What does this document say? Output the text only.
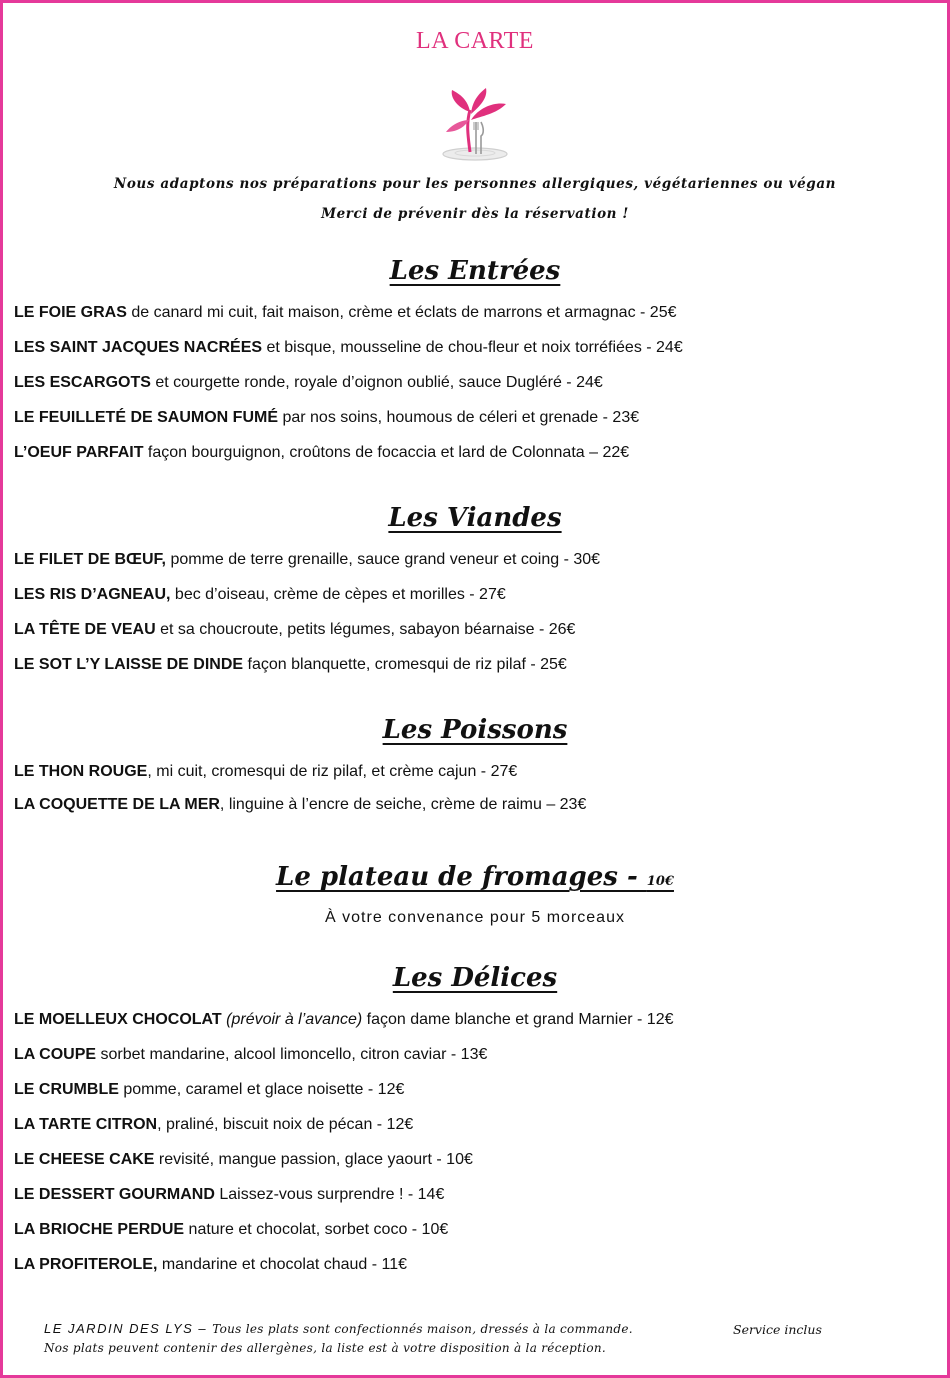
LA CARTE
Nous adaptons nos préparations pour les personnes allergiques, végétariennes ou végan
Merci de prévenir dès la réservation !
Les Entrées
LE FOIE GRAS de canard mi cuit, fait maison, crème et éclats de marrons et armagnac - 25€
LES SAINT JACQUES NACRÉES et bisque, mousseline de chou-fleur et noix torréfiées - 24€
LES ESCARGOTS et courgette ronde, royale d’oignon oublié, sauce Dugléré - 24€
LE FEUILLETÉ DE SAUMON FUMÉ par nos soins, houmous de céleri et grenade - 23€
L’OEUF PARFAIT façon bourguignon, croûtons de focaccia et lard de Colonnata – 22€
Les Viandes
LE FILET DE BŒUF, pomme de terre grenaille, sauce grand veneur et coing - 30€
LES RIS D’AGNEAU, bec d’oiseau, crème de cèpes et morilles - 27€
LA TÊTE DE VEAU et sa choucroute, petits légumes, sabayon béarnaise - 26€
LE SOT L’Y LAISSE DE DINDE façon blanquette, cromesqui de riz pilaf - 25€
Les Poissons
LE THON ROUGE, mi cuit, cromesqui de riz pilaf, et crème cajun - 27€
LA COQUETTE DE LA MER, linguine à l’encre de seiche, crème de raimu – 23€
Le plateau de fromages - 10€
À votre convenance pour 5 morceaux
Les Délices
LE MOELLEUX CHOCOLAT (prévoir à l’avance) façon dame blanche et grand Marnier - 12€
LA COUPE sorbet mandarine, alcool limoncello, citron caviar - 13€
LE CRUMBLE pomme, caramel et glace noisette - 12€
LA TARTE CITRON, praliné, biscuit noix de pécan - 12€
LE CHEESE CAKE revisité, mangue passion, glace yaourt - 10€
LE DESSERT GOURMAND Laissez-vous surprendre ! - 14€
LA BRIOCHE PERDUE nature et chocolat, sorbet coco - 10€
LA PROFITEROLE, mandarine et chocolat chaud - 11€
LE JARDIN DES LYS – Tous les plats sont confectionnés maison, dressés à la commande.	Service inclus
Nos plats peuvent contenir des allergènes, la liste est à votre disposition à la réception.
